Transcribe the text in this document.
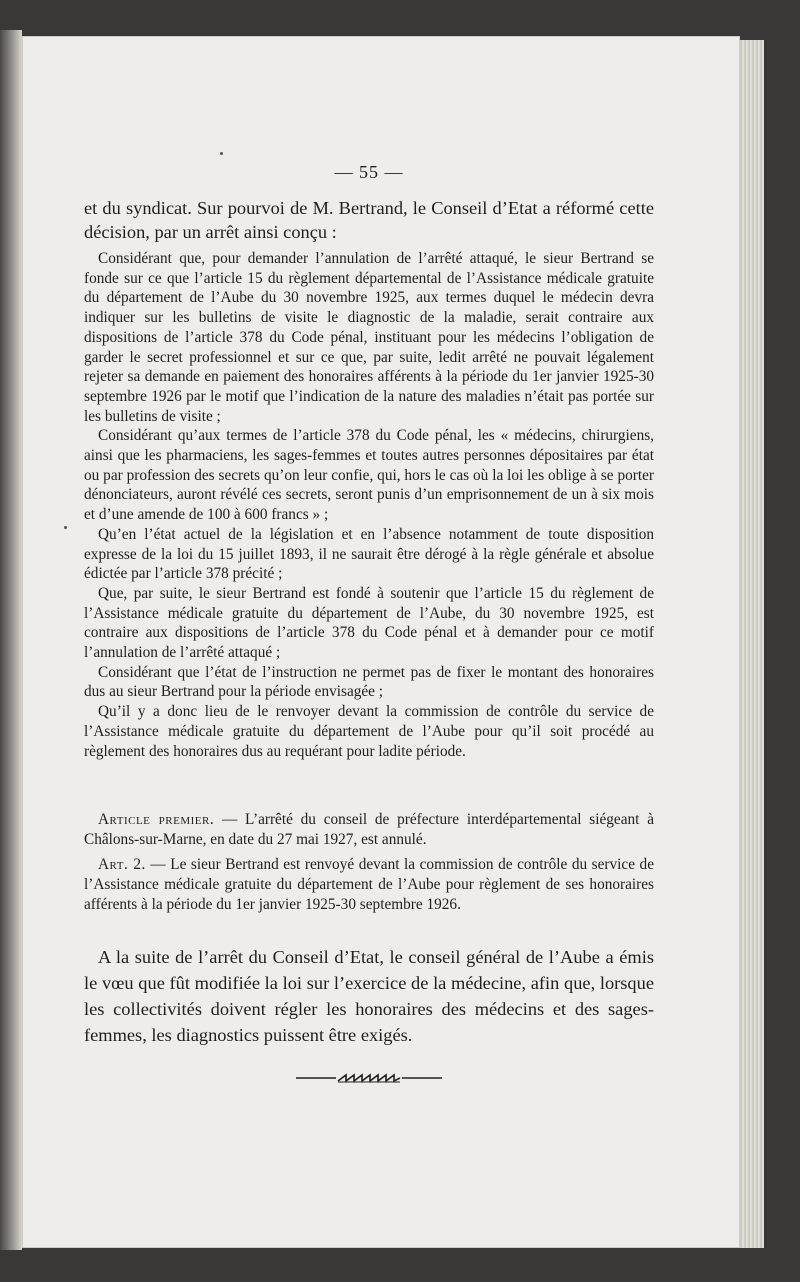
— 55 —
et du syndicat. Sur pourvoi de M. Bertrand, le Conseil d’Etat a réformé cette décision, par un arrêt ainsi conçu :

Considérant que, pour demander l’annulation de l’arrêté attaqué, le sieur Bertrand se fonde sur ce que l’article 15 du règlement départemental de l’Assistance médicale gratuite du département de l’Aube du 30 novembre 1925, aux termes duquel le médecin devra indiquer sur les bulletins de visite le diagnostic de la maladie, serait contraire aux dispositions de l’article 378 du Code pénal, instituant pour les médecins l’obligation de garder le secret professionnel et sur ce que, par suite, ledit arrêté ne pouvait légalement rejeter sa demande en paiement des honoraires afférents à la période du 1er janvier 1925-30 septembre 1926 par le motif que l’indication de la nature des maladies n’était pas portée sur les bulletins de visite ;

Considérant qu’aux termes de l’article 378 du Code pénal, les « médecins, chirurgiens, ainsi que les pharmaciens, les sages-femmes et toutes autres personnes dépositaires par état ou par profession des secrets qu’on leur confie, qui, hors le cas où la loi les oblige à se porter dénonciateurs, auront révélé ces secrets, seront punis d’un emprisonnement de un à six mois et d’une amende de 100 à 600 francs » ;

Qu’en l’état actuel de la législation et en l’absence notamment de toute disposition expresse de la loi du 15 juillet 1893, il ne saurait être dérogé à la règle générale et absolue édictée par l’article 378 précité ;

Que, par suite, le sieur Bertrand est fondé à soutenir que l’article 15 du règlement de l’Assistance médicale gratuite du département de l’Aube, du 30 novembre 1925, est contraire aux dispositions de l’article 378 du Code pénal et à demander pour ce motif l’annulation de l’arrêté attaqué ;

Considérant que l’état de l’instruction ne permet pas de fixer le montant des honoraires dus au sieur Bertrand pour la période envisagée ;

Qu’il y a donc lieu de le renvoyer devant la commission de contrôle du service de l’Assistance médicale gratuite du département de l’Aube pour qu’il soit procédé au règlement des honoraires dus au requérant pour ladite période.

Article premier. — L’arrêté du conseil de préfecture interdépartemental siégeant à Châlons-sur-Marne, en date du 27 mai 1927, est annulé.

Art. 2. — Le sieur Bertrand est renvoyé devant la commission de contrôle du service de l’Assistance médicale gratuite du département de l’Aube pour règlement de ses honoraires afférents à la période du 1er janvier 1925-30 septembre 1926.

A la suite de l’arrêt du Conseil d’Etat, le conseil général de l’Aube a émis le vœu que fût modifiée la loi sur l’exercice de la médecine, afin que, lorsque les collectivités doivent régler les honoraires des médecins et des sages-femmes, les diagnostics puissent être exigés.
